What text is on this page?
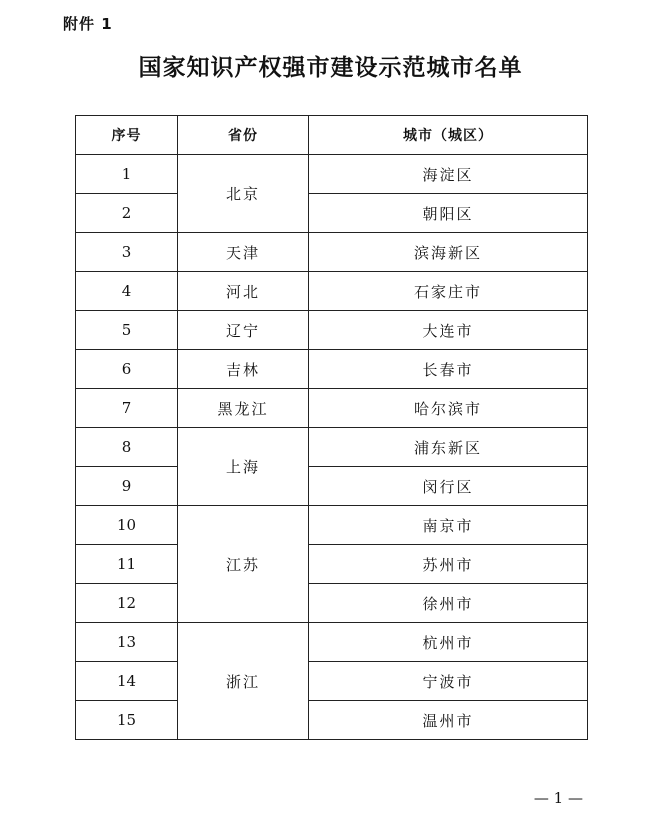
附件 1
国家知识产权强市建设示范城市名单
序号	省份	城市（城区）
1	北京	海淀区
2		朝阳区
3	天津	滨海新区
4	河北	石家庄市
5	辽宁	大连市
6	吉林	长春市
7	黑龙江	哈尔滨市
8	上海	浦东新区
9		闵行区
10	江苏	南京市
11		苏州市
12		徐州市
13	浙江	杭州市
14		宁波市
15		温州市
— 1 —
